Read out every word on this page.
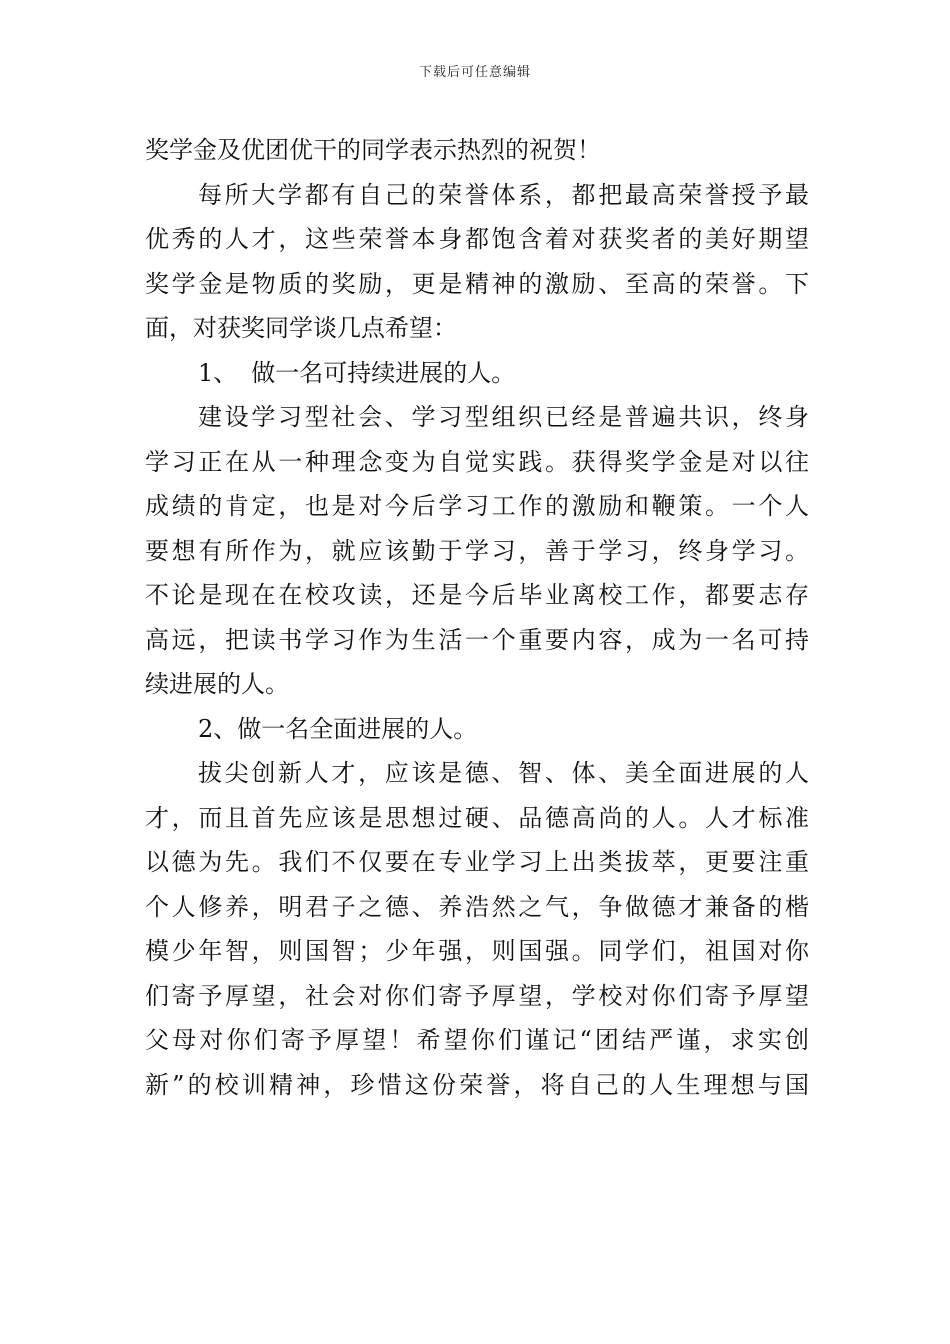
下载后可任意编辑
奖学金及优团优干的同学表示热烈的祝贺！
每所大学都有自己的荣誉体系，都把最高荣誉授予最
优秀的人才，这些荣誉本身都饱含着对获奖者的美好期望
奖学金是物质的奖励，更是精神的激励、至高的荣誉。下
面，对获奖同学谈几点希望：
1、 做一名可持续进展的人。
建设学习型社会、学习型组织已经是普遍共识，终身
学习正在从一种理念变为自觉实践。获得奖学金是对以往
成绩的肯定，也是对今后学习工作的激励和鞭策。一个人
要想有所作为，就应该勤于学习，善于学习，终身学习。
不论是现在在校攻读，还是今后毕业离校工作，都要志存
高远，把读书学习作为生活一个重要内容，成为一名可持
续进展的人。
2、做一名全面进展的人。
拔尖创新人才，应该是德、智、体、美全面进展的人
才，而且首先应该是思想过硬、品德高尚的人。人才标准
以德为先。我们不仅要在专业学习上出类拔萃，更要注重
个人修养，明君子之德、养浩然之气，争做德才兼备的楷
模少年智，则国智；少年强，则国强。同学们，祖国对你
们寄予厚望，社会对你们寄予厚望，学校对你们寄予厚望
父母对你们寄予厚望！希望你们谨记“团结严谨，求实创
新”的校训精神，珍惜这份荣誉，将自己的人生理想与国
